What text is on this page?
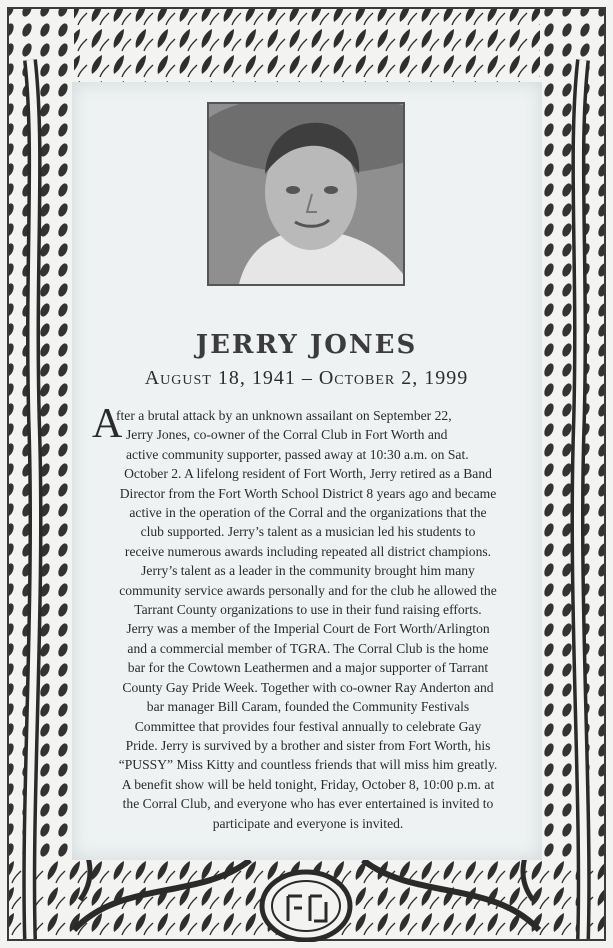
JERRY JONES
August 18, 1941 – October 2, 1999
A
fter a brutal attack by an unknown assailant on September 22,
Jerry Jones, co-owner of the Corral Club in Fort Worth and
active community supporter, passed away at 10:30 a.m. on Sat.
October 2. A lifelong resident of Fort Worth, Jerry retired as a Band
Director from the Fort Worth School District 8 years ago and became
active in the operation of the Corral and the organizations that the
club supported. Jerry’s talent as a musician led his students to
receive numerous awards including repeated all district champions.
Jerry’s talent as a leader in the community brought him many
community service awards personally and for the club he allowed the
Tarrant County organizations to use in their fund raising efforts.
Jerry was a member of the Imperial Court de Fort Worth/Arlington
and a commercial member of TGRA. The Corral Club is the home
bar for the Cowtown Leathermen and a major supporter of Tarrant
County Gay Pride Week. Together with co-owner Ray Anderton and
bar manager Bill Caram, founded the Community Festivals
Committee that provides four festival annually to celebrate Gay
Pride. Jerry is survived by a brother and sister from Fort Worth, his
“PUSSY” Miss Kitty and countless friends that will miss him greatly.
A benefit show will be held tonight, Friday, October 8, 10:00 p.m. at
the Corral Club, and everyone who has ever entertained is invited to
participate and everyone is invited.
